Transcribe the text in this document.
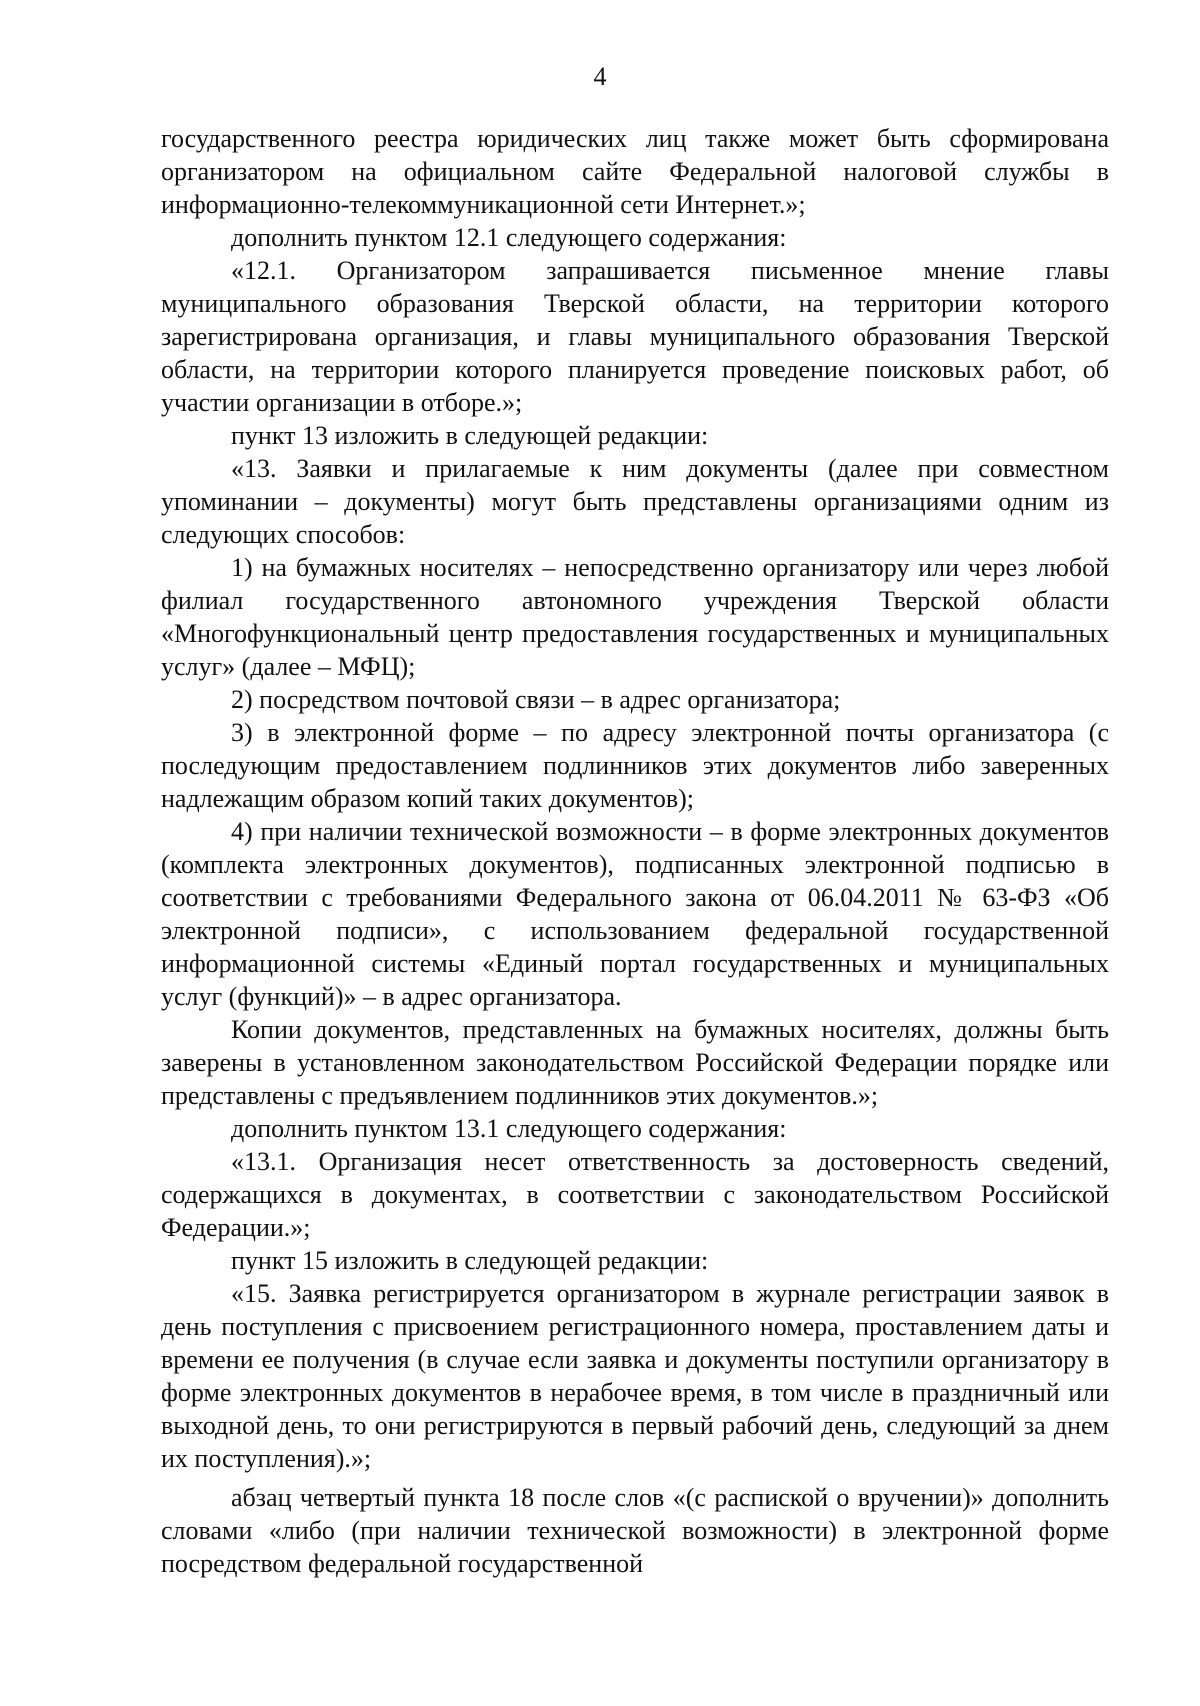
4

государственного реестра юридических лиц также может быть сформирована организатором на официальном сайте Федеральной налоговой службы в информационно-телекоммуникационной сети Интернет.»;

дополнить пунктом 12.1 следующего содержания:

«12.1. Организатором запрашивается письменное мнение главы муниципального образования Тверской области, на территории которого зарегистрирована организация, и главы муниципального образования Тверской области, на территории которого планируется проведение поисковых работ, об участии организации в отборе.»;

пункт 13 изложить в следующей редакции:

«13. Заявки и прилагаемые к ним документы (далее при совместном упоминании – документы) могут быть представлены организациями одним из следующих способов:

1) на бумажных носителях – непосредственно организатору или через любой филиал государственного автономного учреждения Тверской области «Многофункциональный центр предоставления государственных и муниципальных услуг» (далее – МФЦ);

2) посредством почтовой связи – в адрес организатора;

3) в электронной форме – по адресу электронной почты организатора (с последующим предоставлением подлинников этих документов либо заверенных надлежащим образом копий таких документов);

4) при наличии технической возможности – в форме электронных документов (комплекта электронных документов), подписанных электронной подписью в соответствии с требованиями Федерального закона от 06.04.2011 № 63-ФЗ «Об электронной подписи», с использованием федеральной государственной информационной системы «Единый портал государственных и муниципальных услуг (функций)» – в адрес организатора.

Копии документов, представленных на бумажных носителях, должны быть заверены в установленном законодательством Российской Федерации порядке или представлены с предъявлением подлинников этих документов.»;

дополнить пунктом 13.1 следующего содержания:

«13.1. Организация несет ответственность за достоверность сведений, содержащихся в документах, в соответствии с законодательством Российской Федерации.»;

пункт 15 изложить в следующей редакции:

«15. Заявка регистрируется организатором в журнале регистрации заявок в день поступления с присвоением регистрационного номера, проставлением даты и времени ее получения (в случае если заявка и документы поступили организатору в форме электронных документов в нерабочее время, в том числе в праздничный или выходной день, то они регистрируются в первый рабочий день, следующий за днем их поступления).»;

абзац четвертый пункта 18 после слов «(с распиской о вручении)» дополнить словами «либо (при наличии технической возможности) в электронной форме посредством федеральной государственной
